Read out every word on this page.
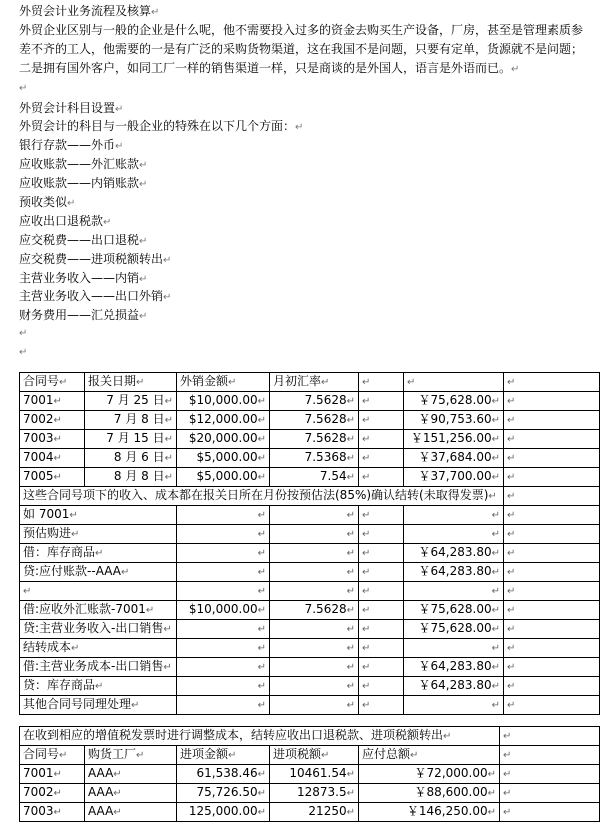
外贸会计业务流程及核算↵
外贸企业区别与一般的企业是什么呢，他不需要投入过多的资金去购买生产设备，厂房，甚至是管理素质参差不齐的工人，他需要的一是有广泛的采购货物渠道，这在我国不是问题，只要有定单，货源就不是问题；二是拥有国外客户，如同工厂一样的销售渠道一样，只是商谈的是外国人，语言是外语而已。↵
↵
外贸会计科目设置↵
外贸会计的科目与一般企业的特殊在以下几个方面：↵
银行存款——外币↵
应收账款——外汇账款↵
应收账款——内销账款↵
预收类似↵
应收出口退税款↵
应交税费——出口退税↵
应交税费——进项税额转出↵
主营业务收入——内销↵
主营业务收入——出口外销↵
财务费用——汇兑损益↵
↵
↵
合同号↵	报关日期↵	外销金额↵	月初汇率↵	↵	↵	↵
7001↵	7 月 25 日↵	$10,000.00↵	7.5628↵	↵	￥75,628.00↵	↵
7002↵	7 月 8 日↵	$12,000.00↵	7.5628↵	↵	￥90,753.60↵	↵
7003↵	7 月 15 日↵	$20,000.00↵	7.5628↵	↵	￥151,256.00↵	↵
7004↵	8 月 6 日↵	$5,000.00↵	7.5368↵	↵	￥37,684.00↵	↵
7005↵	8 月 8 日↵	$5,000.00↵	7.54↵	↵	￥37,700.00↵	↵
这些合同号项下的收入、成本都在报关日所在月份按预估法(85%)确认结转(未取得发票)↵						↵
如 7001↵		↵	↵	↵	↵	↵
预估购进↵		↵	↵	↵	↵	↵
借：库存商品↵		↵	↵	↵	￥64,283.80↵	↵
贷:应付账款--AAA↵		↵	↵	↵	￥64,283.80↵	↵
↵		↵	↵	↵	↵	↵
借:应收外汇账款-7001↵		$10,000.00↵	7.5628↵	↵	￥75,628.00↵	↵
贷:主营业务收入-出口销售↵		↵	↵	↵	￥75,628.00↵	↵
结转成本↵		↵	↵	↵	↵	↵
借:主营业务成本-出口销售↵		↵	↵	↵	￥64,283.80↵	↵
贷：库存商品↵		↵	↵	↵	￥64,283.80↵	↵
其他合同号同理处理↵		↵	↵	↵	↵	↵
在收到相应的增值税发票时进行调整成本，结转应收出口退税款、进项税额转出↵					↵
合同号↵	购货工厂↵	进项金额↵	进项税额↵	应付总额↵	↵
7001↵	AAA↵	61,538.46↵	10461.54↵	￥72,000.00↵	↵
7002↵	AAA↵	75,726.50↵	12873.5↵	￥88,600.00↵	↵
7003↵	AAA↵	125,000.00↵	21250↵	￥146,250.00↵	↵
